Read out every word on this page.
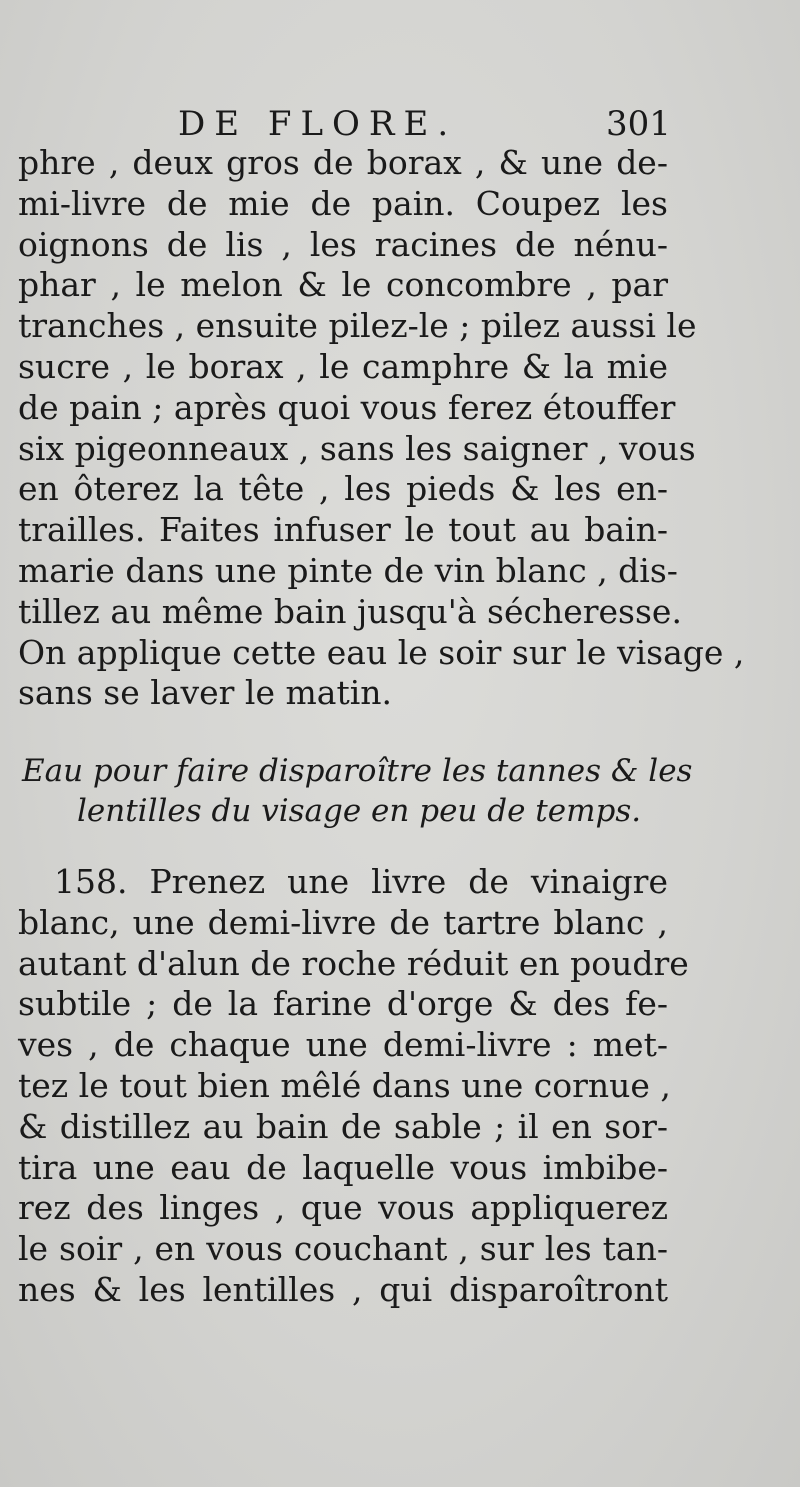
DE FLORE.	301
phre , deux gros de borax , & une de-
mi-livre de mie de pain. Coupez les
oignons de lis , les racines de nénu-
phar , le melon & le concombre , par
tranches , ensuite pilez-le ; pilez aussi le
sucre , le borax , le camphre & la mie
de pain ; après quoi vous ferez étouffer
six pigeonneaux , sans les saigner , vous
en ôterez la tête , les pieds & les en-
trailles. Faites infuser le tout au bain-
marie dans une pinte de vin blanc , dis-
tillez au même bain jusqu'à sécheresse.
On applique cette eau le soir sur le visage ,
sans se laver le matin.
Eau pour faire disparoître les tannes & les
lentilles du visage en peu de temps.
158. Prenez une livre de vinaigre
blanc, une demi-livre de tartre blanc ,
autant d'alun de roche réduit en poudre
subtile ; de la farine d'orge & des fe-
ves , de chaque une demi-livre : met-
tez le tout bien mêlé dans une cornue ,
& distillez au bain de sable ; il en sor-
tira une eau de laquelle vous imbibe-
rez des linges , que vous appliquerez
le soir , en vous couchant , sur les tan-
nes & les lentilles , qui disparoîtront
